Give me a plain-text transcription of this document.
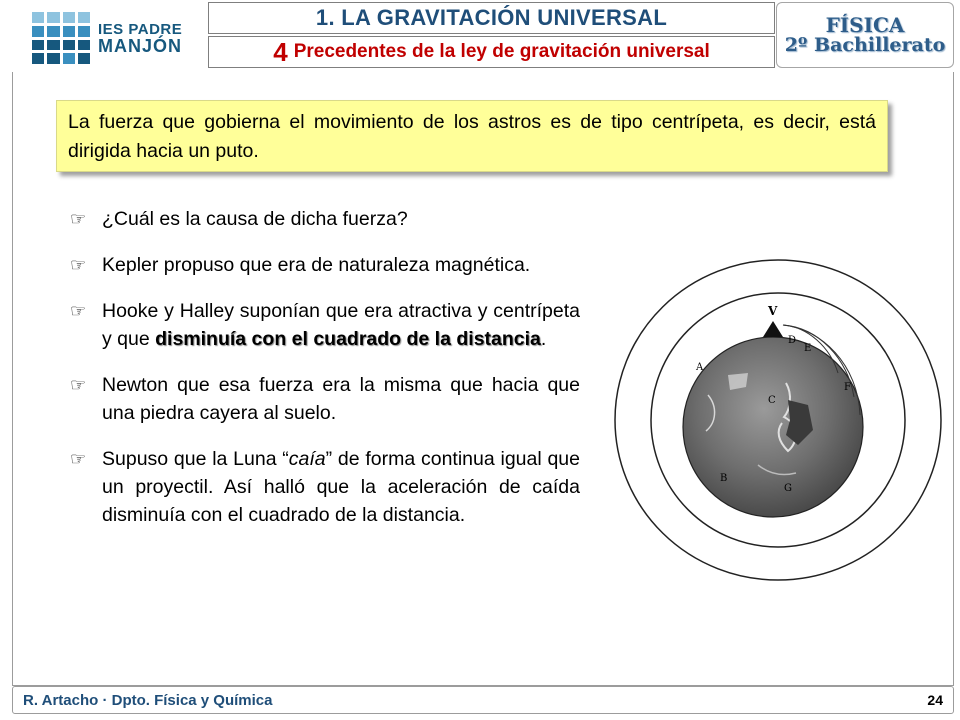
IES PADRE
MANJÓN
1. LA GRAVITACIÓN UNIVERSAL
4 Precedentes de la ley de gravitación universal
FÍSICA
2º Bachillerato
La fuerza que gobierna el movimiento de los astros es de tipo centrípeta, es decir, está dirigida hacia un puto.
☞ ¿Cuál es la causa de dicha fuerza?
☞ Kepler propuso que era de naturaleza magnética.
☞ Hooke y Halley suponían que era atractiva y centrípeta y que disminuía con el cuadrado de la distancia.
☞ Newton que esa fuerza era la misma que hacia que una piedra cayera al suelo.
☞ Supuso que la Luna “caía” de forma continua igual que un proyectil. Así halló que la aceleración de caída disminuía con el cuadrado de la distancia.
V
D
E
F
A
C
B
G
R. Artacho · Dpto. Física y Química	24
